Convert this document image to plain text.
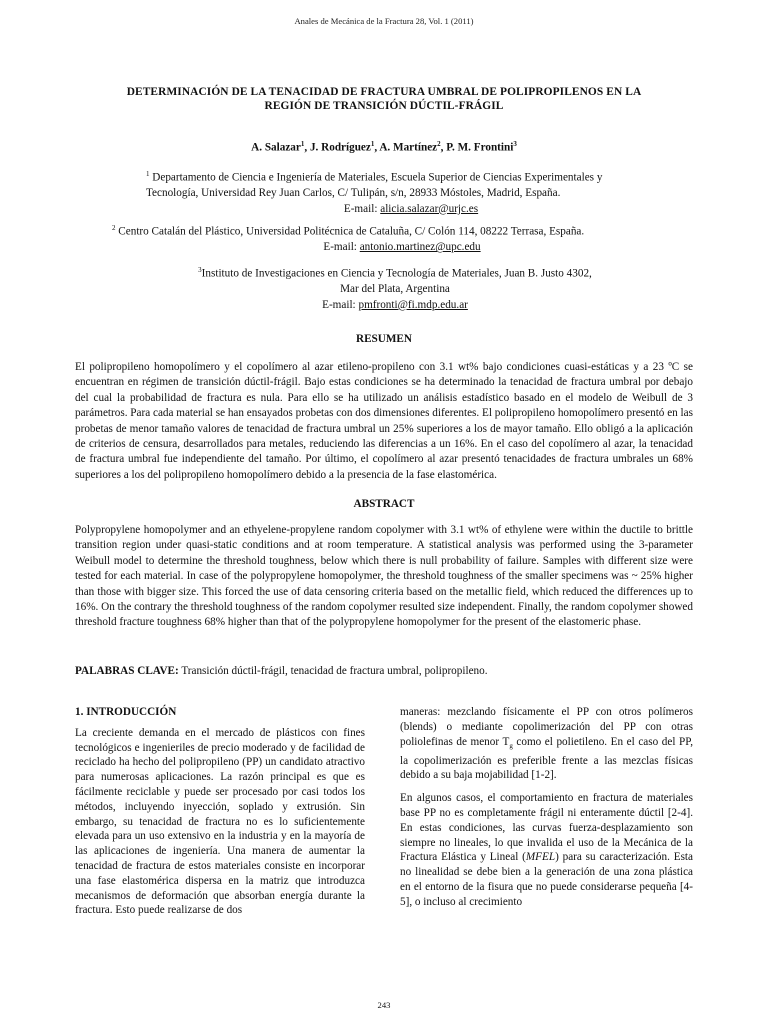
Anales de Mecánica de la Fractura 28, Vol. 1 (2011)
DETERMINACIÓN DE LA TENACIDAD DE FRACTURA UMBRAL DE POLIPROPILENOS EN LA
REGIÓN DE TRANSICIÓN DÚCTIL-FRÁGIL
A. Salazar$^1$, J. Rodríguez$^1$, A. Martínez$^2$, P. M. Frontini$^3$
$^1$ Departamento de Ciencia e Ingeniería de Materiales, Escuela Superior de Ciencias Experimentales y
Tecnología, Universidad Rey Juan Carlos, C/ Tulipán, s/n, 28933 Móstoles, Madrid, España.

E-mail: alicia.salazar@urjc.es
$^2$ Centro Catalán del Plástico, Universidad Politécnica de Cataluña, C/ Colón 114, 08222 Terrasa, España.

E-mail: antonio.martinez@upc.edu
$^3$Instituto de Investigaciones en Ciencia y Tecnología de Materiales, Juan B. Justo 4302,
Mar del Plata, Argentina
E-mail: pmfronti@fi.mdp.edu.ar
RESUMEN
El polipropileno homopolímero y el copolímero al azar etileno-propileno con 3.1 wt% bajo condiciones cuasi-estáticas y a 23 ºC se encuentran en régimen de transición dúctil-frágil. Bajo estas condiciones se ha determinado la tenacidad de fractura umbral por debajo del cual la probabilidad de fractura es nula. Para ello se ha utilizado un análisis estadístico basado en el modelo de Weibull de 3 parámetros. Para cada material se han ensayados probetas con dos dimensiones diferentes. El polipropileno homopolímero presentó en las probetas de menor tamaño valores de tenacidad de fractura umbral un 25% superiores a los de mayor tamaño. Ello obligó a la aplicación de criterios de censura, desarrollados para metales, reduciendo las diferencias a un 16%. En el caso del copolímero al azar, la tenacidad de fractura umbral fue independiente del tamaño. Por último, el copolímero al azar presentó tenacidades de fractura umbrales un 68% superiores a los del polipropileno homopolímero debido a la presencia de la fase elastomérica.
ABSTRACT
Polypropylene homopolymer and an ethyelene-propylene random copolymer with 3.1 wt% of ethylene were within the ductile to brittle transition region under quasi-static conditions and at room temperature. A statistical analysis was performed using the 3-parameter Weibull model to determine the threshold toughness, below which there is null probability of failure. Samples with different size were tested for each material. In case of the polypropylene homopolymer, the threshold toughness of the smaller specimens was ~ 25% higher than those with bigger size. This forced the use of data censoring criteria based on the metallic field, which reduced the differences up to 16%. On the contrary the threshold toughness of the random copolymer resulted size independent. Finally, the random copolymer showed threshold fracture toughness 68% higher than that of the polypropylene homopolymer for the present of the elastomeric phase.
PALABRAS CLAVE: Transición dúctil-frágil, tenacidad de fractura umbral, polipropileno.
1. INTRODUCCIÓN

La creciente demanda en el mercado de plásticos con fines tecnológicos e ingenieriles de precio moderado y de facilidad de reciclado ha hecho del polipropileno (PP) un candidato atractivo para numerosas aplicaciones. La razón principal es que es fácilmente reciclable y puede ser procesado por casi todos los métodos, incluyendo inyección, soplado y extrusión. Sin embargo, su tenacidad de fractura no es lo suficientemente elevada para un uso extensivo en la industria y en la mayoría de las aplicaciones de ingeniería. Una manera de aumentar la tenacidad de fractura de estos materiales consiste en incorporar una fase elastomérica dispersa en la matriz que introduzca mecanismos de deformación que absorban energía durante la fractura. Esto puede realizarse de dos

maneras: mezclando físicamente el PP con otros polímeros (blends) o mediante copolimerización del PP con otras poliolefinas de menor $T_g$ como el polietileno. En el caso del PP, la copolimerización es preferible frente a las mezclas físicas debido a su baja mojabilidad [1-2].

En algunos casos, el comportamiento en fractura de materiales base PP no es completamente frágil ni enteramente dúctil [2-4]. En estas condiciones, las curvas fuerza-desplazamiento son siempre no lineales, lo que invalida el uso de la Mecánica de la Fractura Elástica y Lineal (MFEL) para su caracterización. Esta no linealidad se debe bien a la generación de una zona plástica en el entorno de la fisura que no puede considerarse pequeña [4-5], o incluso al crecimiento

243
